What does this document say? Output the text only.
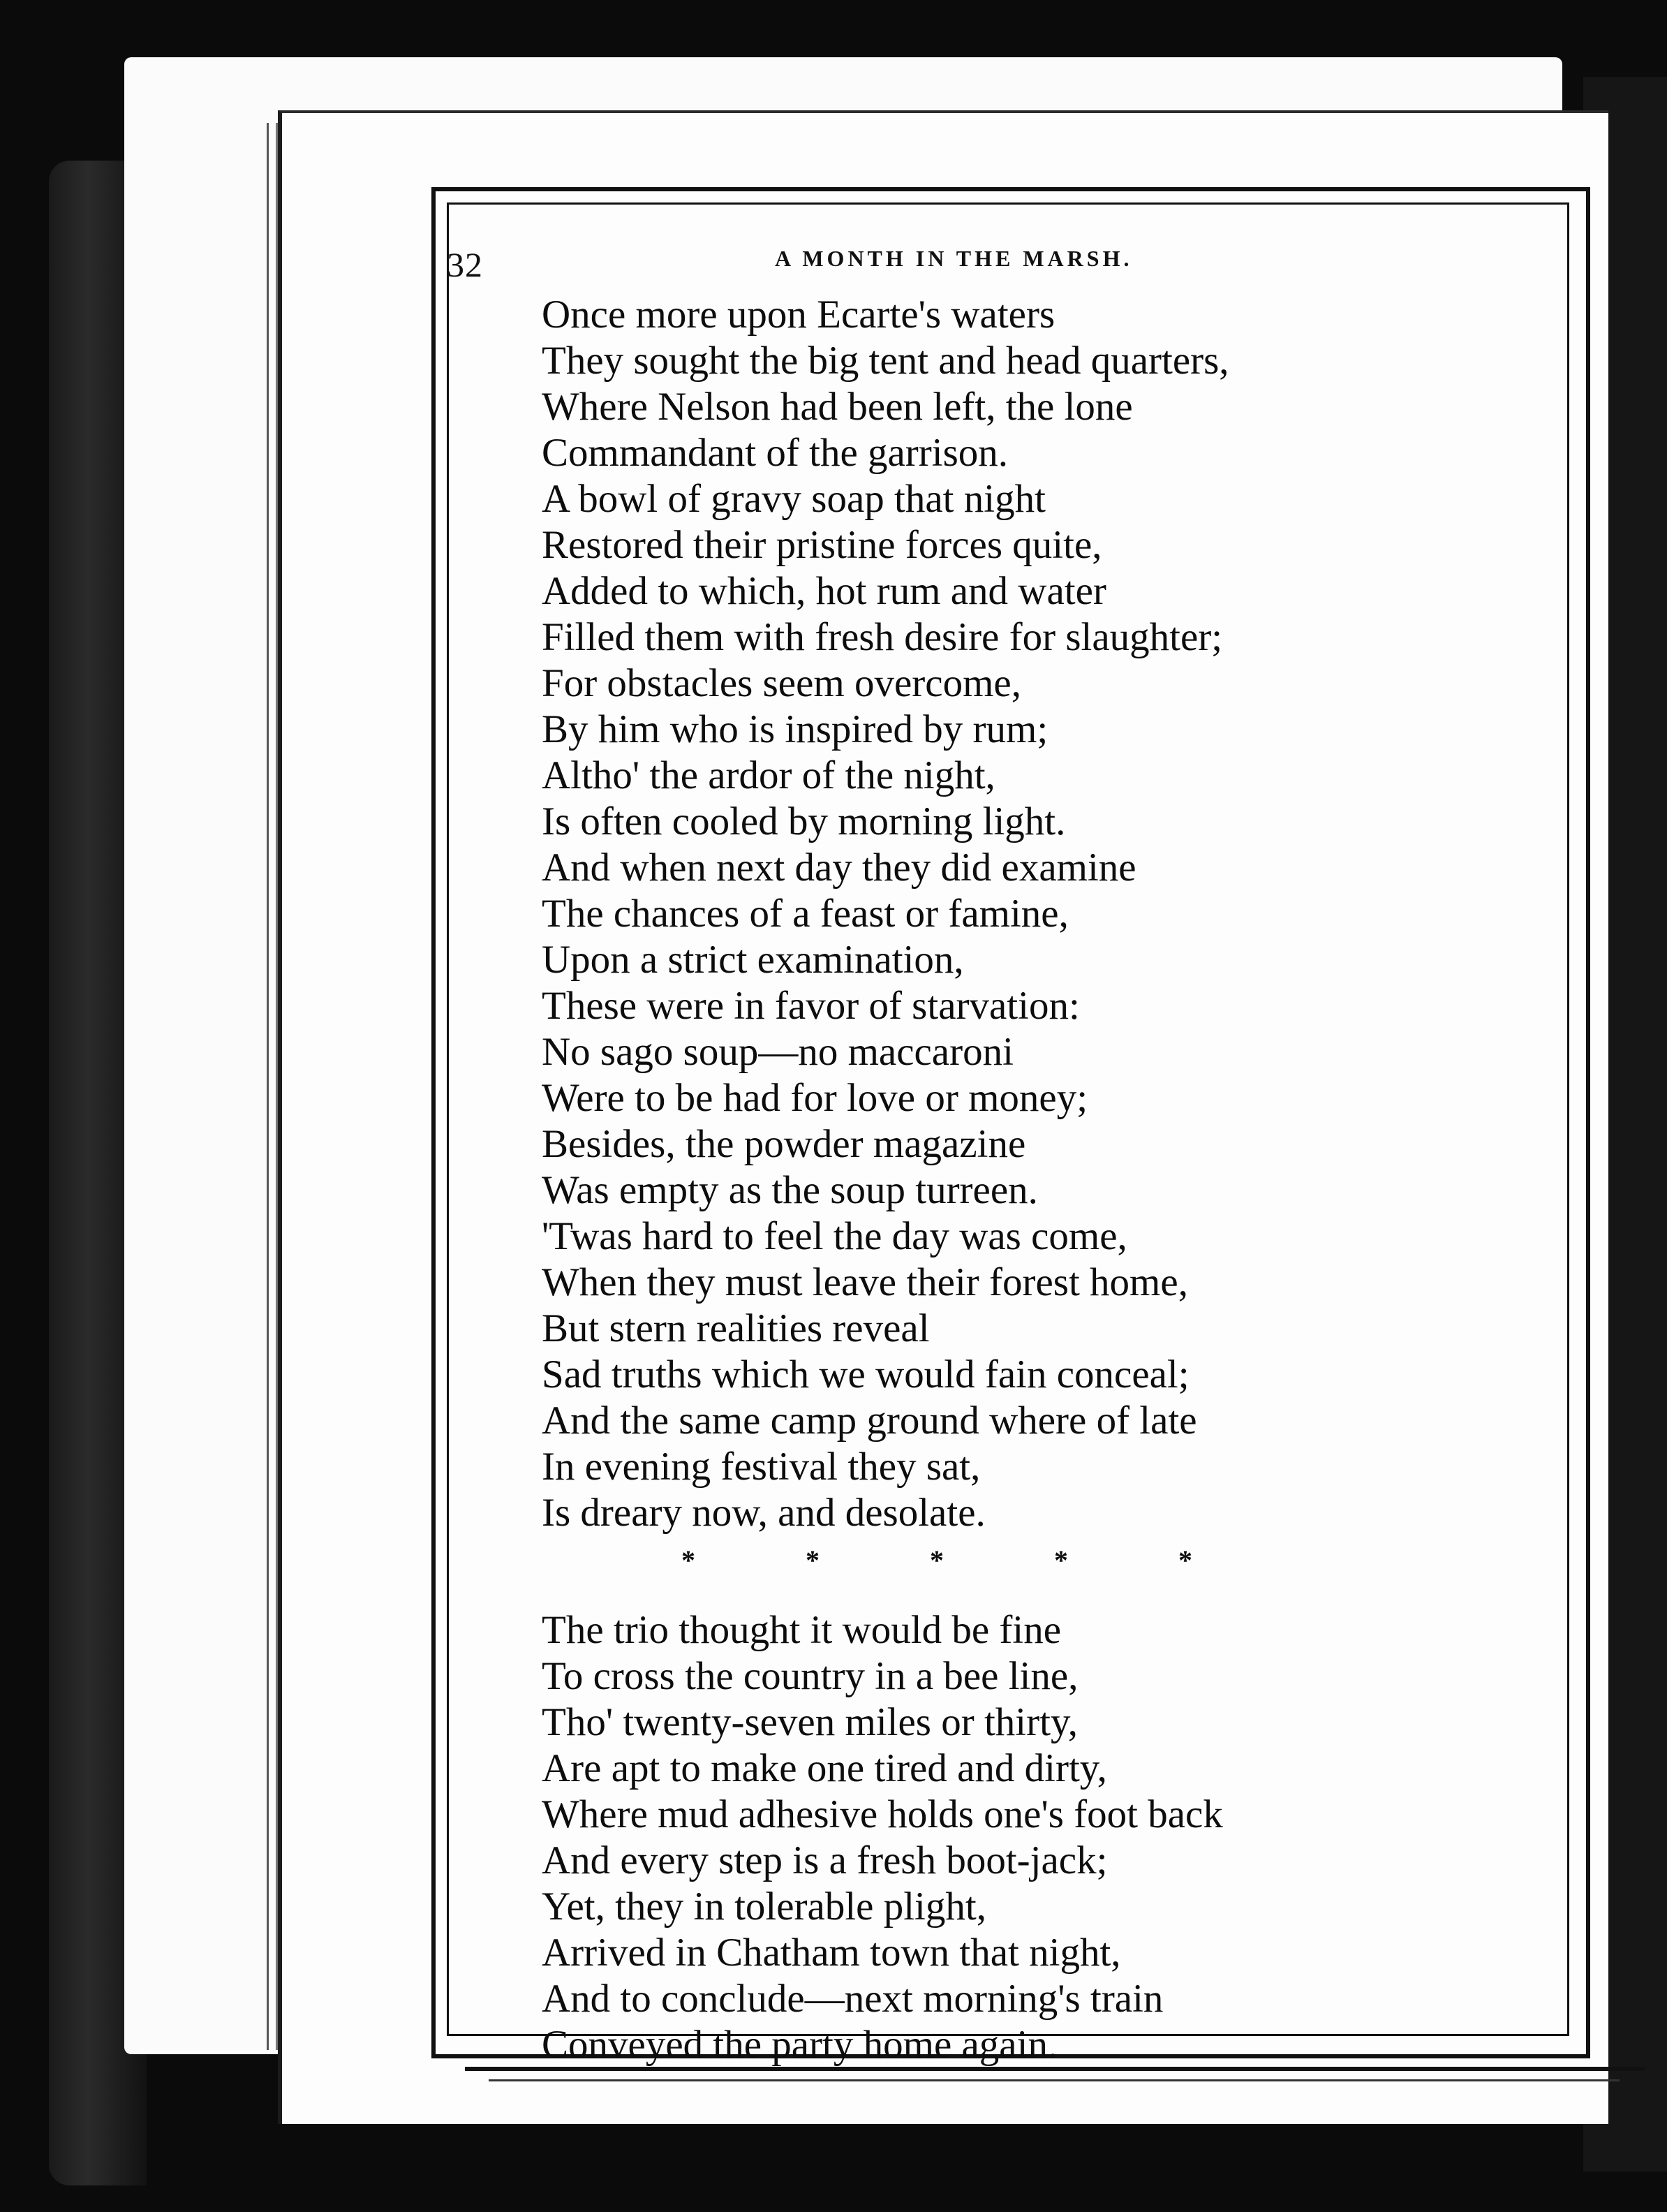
32	A MONTH IN THE MARSH.
Once more upon Ecarte's waters
They sought the big tent and head quarters,
Where Nelson had been left, the lone
Commandant of the garrison.
A bowl of gravy soap that night
Restored their pristine forces quite,
Added to which, hot rum and water
Filled them with fresh desire for slaughter;
For obstacles seem overcome,
By him who is inspired by rum;
Altho' the ardor of the night,
Is often cooled by morning light.
And when next day they did examine
The chances of a feast or famine,
Upon a strict examination,
These were in favor of starvation:
No sago soup—no maccaroni
Were to be had for love or money;
Besides, the powder magazine
Was empty as the soup turreen.
'Twas hard to feel the day was come,
When they must leave their forest home,
But stern realities reveal
Sad truths which we would fain conceal;
And the same camp ground where of late
In evening festival they sat,
Is dreary now, and desolate.
*	*	*	*	*
The trio thought it would be fine
To cross the country in a bee line,
Tho' twenty-seven miles or thirty,
Are apt to make one tired and dirty,
Where mud adhesive holds one's foot back
And every step is a fresh boot-jack;
Yet, they in tolerable plight,
Arrived in Chatham town that night,
And to conclude—next morning's train
Conveyed the party home again.
